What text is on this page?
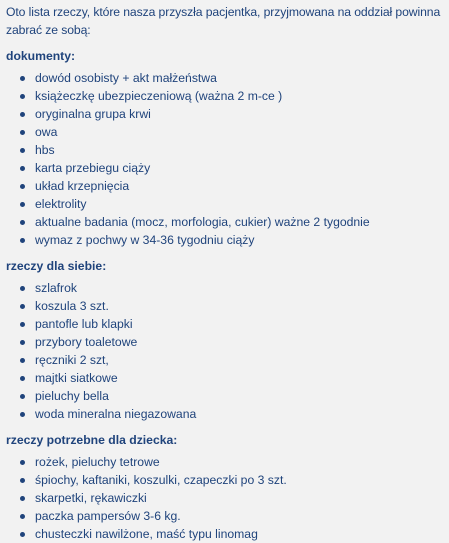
Oto lista rzeczy, które nasza przyszła pacjentka, przyjmowana na oddział powinna zabrać ze sobą:

dokumenty:
dowód osobisty + akt małżeństwa
książeczkę ubezpieczeniową (ważna 2 m-ce )
oryginalna grupa krwi
owa
hbs
karta przebiegu ciąży
układ krzepnięcia
elektrolity
aktualne badania (mocz, morfologia, cukier) ważne 2 tygodnie
wymaz z pochwy w 34-36 tygodniu ciąży
rzeczy dla siebie:
szlafrok
koszula 3 szt.
pantofle lub klapki
przybory toaletowe
ręczniki 2 szt,
majtki siatkowe
pieluchy bella
woda mineralna niegazowana
rzeczy potrzebne dla dziecka:
rożek, pieluchy tetrowe
śpiochy, kaftaniki, koszulki, czapeczki po 3 szt.
skarpetki, rękawiczki
paczka pampersów 3-6 kg.
chusteczki nawilżone, maść typu linomag
